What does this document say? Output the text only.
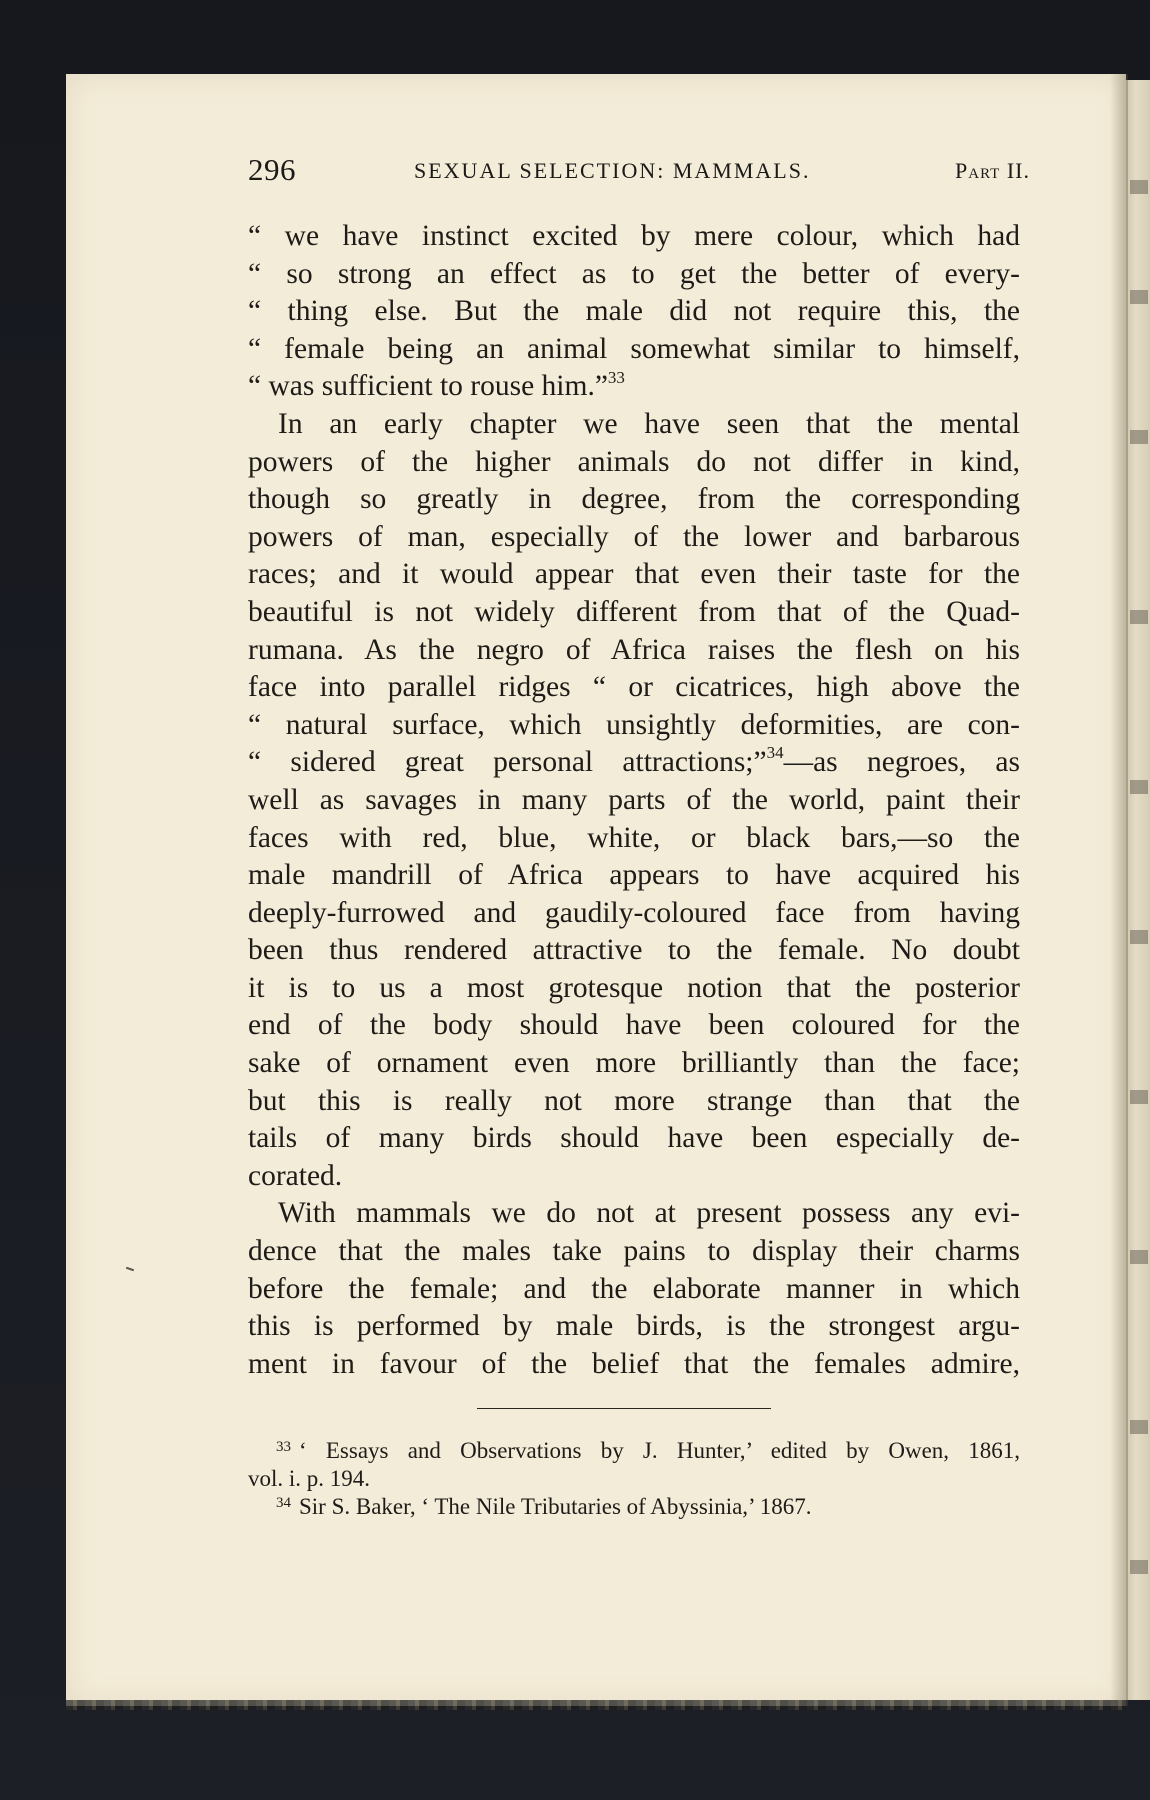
296	SEXUAL SELECTION: MAMMALS.	Part II.
“ we have instinct excited by mere colour, which had
“ so strong an effect as to get the better of every-
“ thing else. But the male did not require this, the
“ female being an animal somewhat similar to himself,
“ was sufficient to rouse him.”$^{33}$
In an early chapter we have seen that the mental
powers of the higher animals do not differ in kind,
though so greatly in degree, from the corresponding
powers of man, especially of the lower and barbarous
races; and it would appear that even their taste for the
beautiful is not widely different from that of the Quad-
rumana. As the negro of Africa raises the flesh on his
face into parallel ridges “ or cicatrices, high above the
“ natural surface, which unsightly deformities, are con-
“ sidered great personal attractions;”$^{34}$—as negroes, as
well as savages in many parts of the world, paint their
faces with red, blue, white, or black bars,—so the
male mandrill of Africa appears to have acquired his
deeply-furrowed and gaudily-coloured face from having
been thus rendered attractive to the female. No doubt
it is to us a most grotesque notion that the posterior
end of the body should have been coloured for the
sake of ornament even more brilliantly than the face;
but this is really not more strange than that the
tails of many birds should have been especially de-
corated.
With mammals we do not at present possess any evi-
dence that the males take pains to display their charms
before the female; and the elaborate manner in which
this is performed by male birds, is the strongest argu-
ment in favour of the belief that the females admire,
$^{33}$ ‘ Essays and Observations by J. Hunter,’ edited by Owen, 1861,
vol. i. p. 194.
$^{34}$ Sir S. Baker, ‘ The Nile Tributaries of Abyssinia,’ 1867.
